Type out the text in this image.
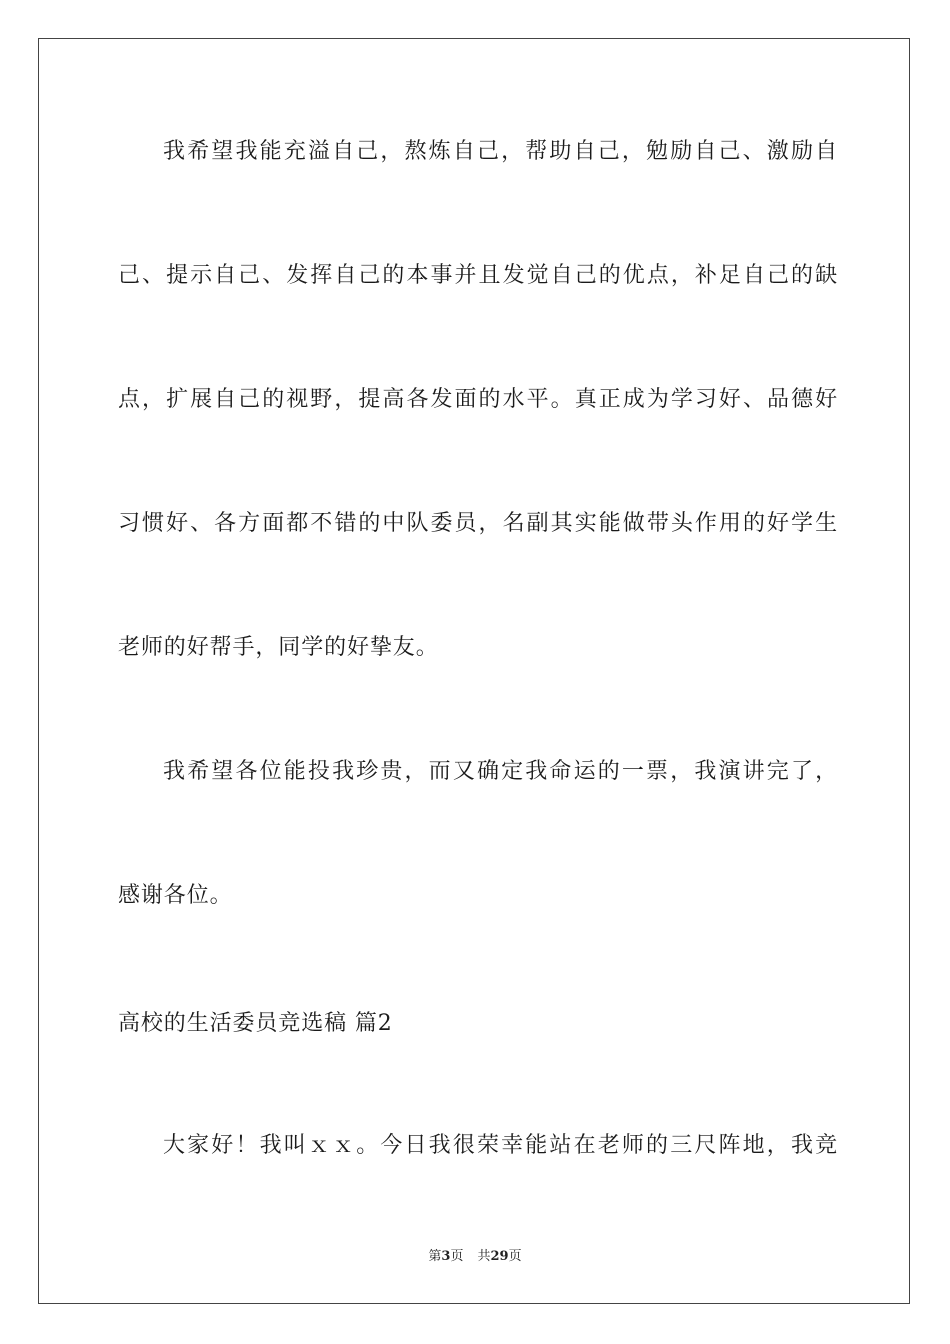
我希望我能充溢自己，熬炼自己，帮助自己，勉励自己、激励自
己、提示自己、发挥自己的本事并且发觉自己的优点，补足自己的缺
点，扩展自己的视野，提高各发面的水平。真正成为学习好、品德好
习惯好、各方面都不错的中队委员，名副其实能做带头作用的好学生
老师的好帮手，同学的好挚友。
我希望各位能投我珍贵，而又确定我命运的一票，我演讲完了，
感谢各位。
高校的生活委员竞选稿 篇2
大家好！我叫ｘｘ。今日我很荣幸能站在老师的三尺阵地，我竞
第3页 共29页
